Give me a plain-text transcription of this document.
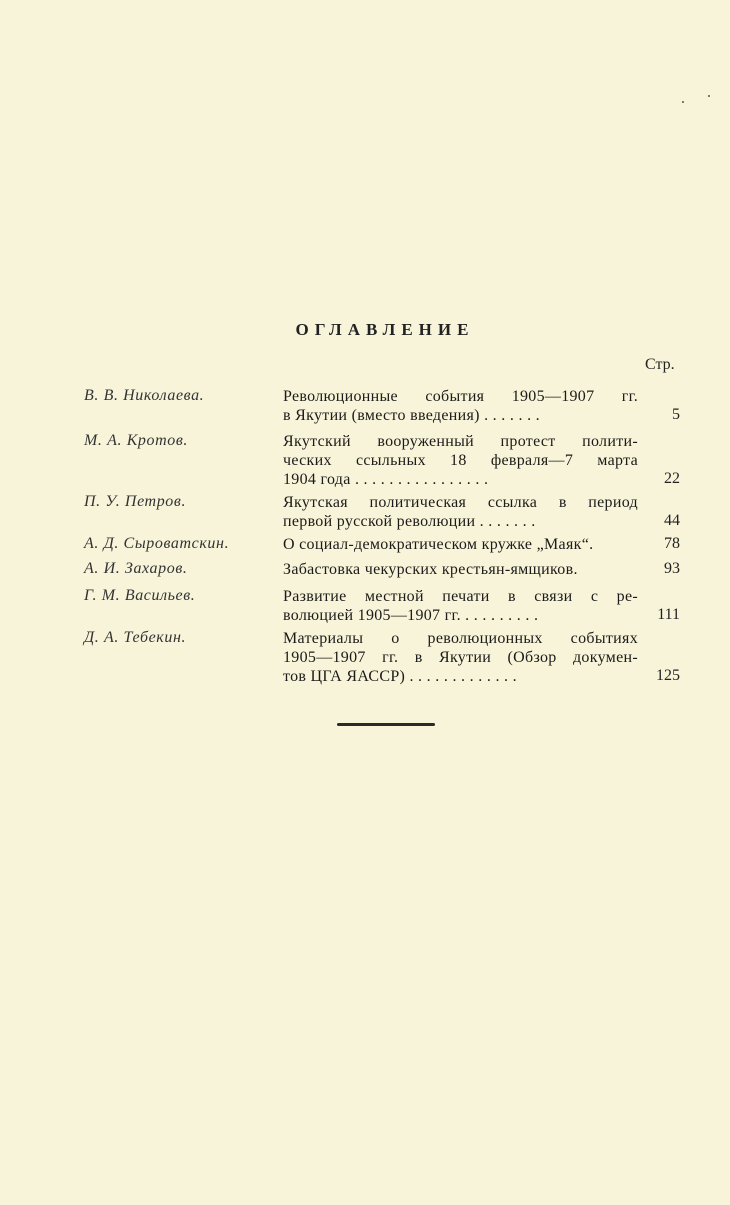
ОГЛАВЛЕНИЕ
Стр.
В. В. Николаева.	Революционные события 1905—1907 гг.
в Якутии (вместо введения) . . . . . . .	5
М. А. Кротов.	Якутский вооруженный протест полити-
ческих ссыльных 18 февраля—7 марта
1904 года . . . . . . . . . . . . . . . .	22
П. У. Петров.	Якутская политическая ссылка в период
первой русской революции . . . . . . .	44
А. Д. Сыроватскин.	О социал-демократическом кружке „Маяк“.	78
А. И. Захаров.	Забастовка чекурских крестьян-ямщиков.	93
Г. М. Васильев.	Развитие местной печати в связи с ре-
волюцией 1905—1907 гг. . . . . . . . . .	111
Д. А. Тебекин.	Материалы о революционных событиях
1905—1907 гг. в Якутии (Обзор докумен-
тов ЦГА ЯАССР) . . . . . . . . . . . . .	125
